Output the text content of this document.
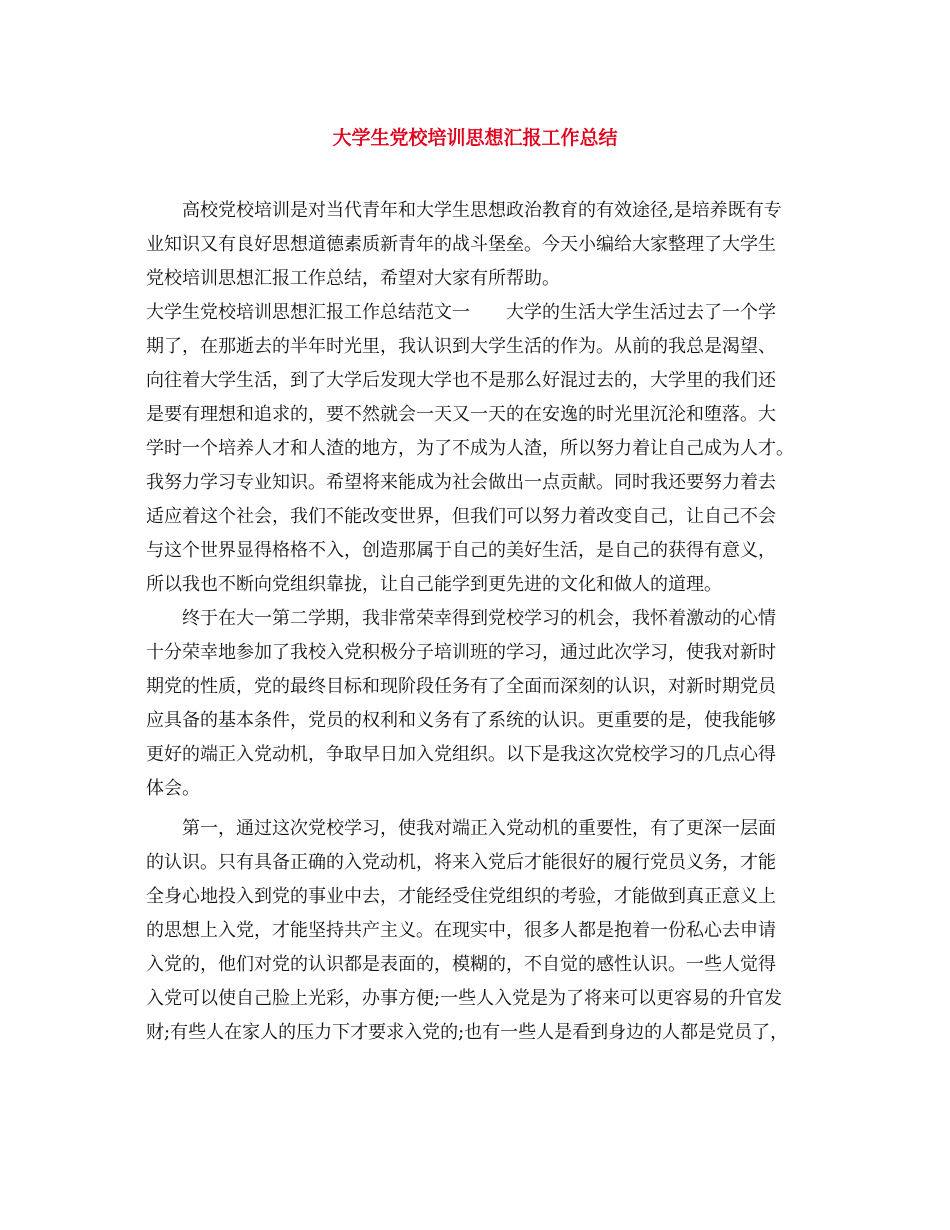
大学生党校培训思想汇报工作总结
高校党校培训是对当代青年和大学生思想政治教育的有效途径,是培养既有专
业知识又有良好思想道德素质新青年的战斗堡垒。今天小编给大家整理了大学生
党校培训思想汇报工作总结，希望对大家有所帮助。
大学生党校培训思想汇报工作总结范文一　　大学的生活大学生活过去了一个学
期了，在那逝去的半年时光里，我认识到大学生活的作为。从前的我总是渴望、
向往着大学生活，到了大学后发现大学也不是那么好混过去的，大学里的我们还
是要有理想和追求的，要不然就会一天又一天的在安逸的时光里沉沦和堕落。大
学时一个培养人才和人渣的地方，为了不成为人渣，所以努力着让自己成为人才。
我努力学习专业知识。希望将来能成为社会做出一点贡献。同时我还要努力着去
适应着这个社会，我们不能改变世界，但我们可以努力着改变自己，让自己不会
与这个世界显得格格不入，创造那属于自己的美好生活，是自己的获得有意义，
所以我也不断向党组织靠拢，让自己能学到更先进的文化和做人的道理。
终于在大一第二学期，我非常荣幸得到党校学习的机会，我怀着激动的心情
十分荣幸地参加了我校入党积极分子培训班的学习，通过此次学习，使我对新时
期党的性质，党的最终目标和现阶段任务有了全面而深刻的认识，对新时期党员
应具备的基本条件，党员的权利和义务有了系统的认识。更重要的是，使我能够
更好的端正入党动机，争取早日加入党组织。以下是我这次党校学习的几点心得
体会。
第一，通过这次党校学习，使我对端正入党动机的重要性，有了更深一层面
的认识。只有具备正确的入党动机，将来入党后才能很好的履行党员义务，才能
全身心地投入到党的事业中去，才能经受住党组织的考验，才能做到真正意义上
的思想上入党，才能坚持共产主义。在现实中，很多人都是抱着一份私心去申请
入党的，他们对党的认识都是表面的，模糊的，不自觉的感性认识。一些人觉得
入党可以使自己脸上光彩，办事方便;一些人入党是为了将来可以更容易的升官发
财;有些人在家人的压力下才要求入党的;也有一些人是看到身边的人都是党员了，
